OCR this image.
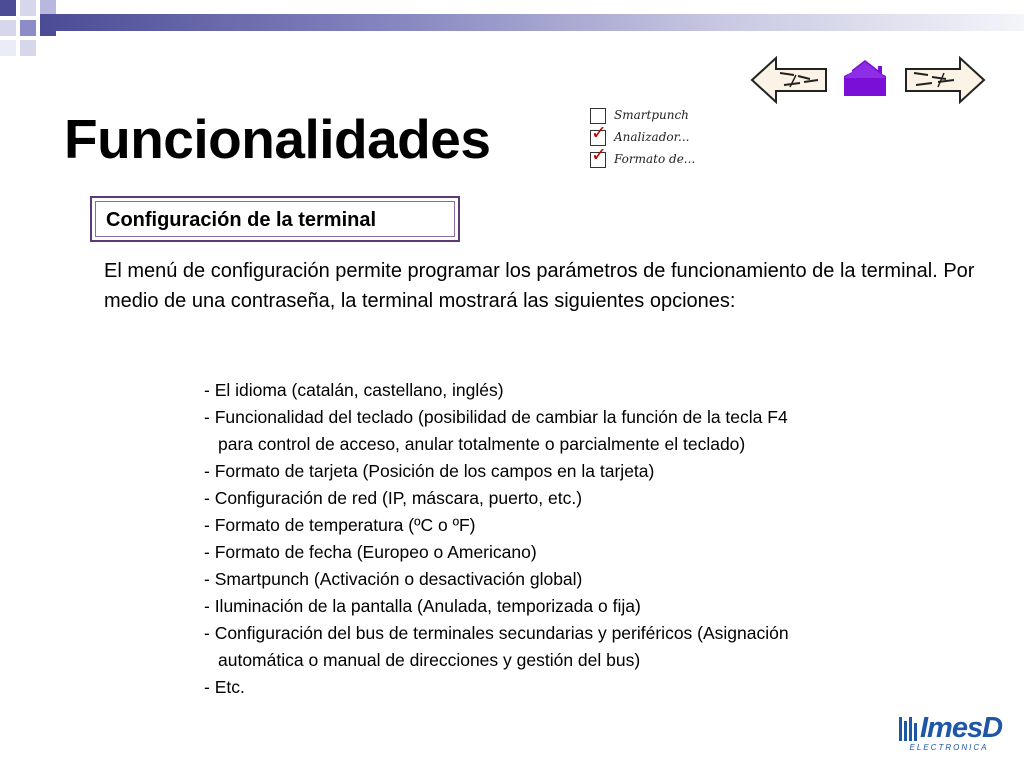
Funcionalidades	Smartpunch
✓ Analizador...
✓ Formato de...
Configuración de la terminal
El menú de configuración permite programar los parámetros de funcionamiento de la terminal. Por medio de una contraseña, la terminal mostrará las siguientes opciones:
- El idioma (catalán, castellano, inglés)
- Funcionalidad del teclado (posibilidad de cambiar la función de la tecla F4
para control de acceso, anular totalmente o parcialmente el teclado)
- Formato de tarjeta (Posición de los campos en la tarjeta)
- Configuración de red (IP, máscara, puerto, etc.)
- Formato de temperatura (ºC o ºF)
- Formato de fecha (Europeo o Americano)
- Smartpunch (Activación o desactivación global)
- Iluminación de la pantalla (Anulada, temporizada o fija)
- Configuración del bus de terminales secundarias y periféricos (Asignación
automática o manual de direcciones y gestión del bus)
- Etc.
ImesD
ELECTRONICA
